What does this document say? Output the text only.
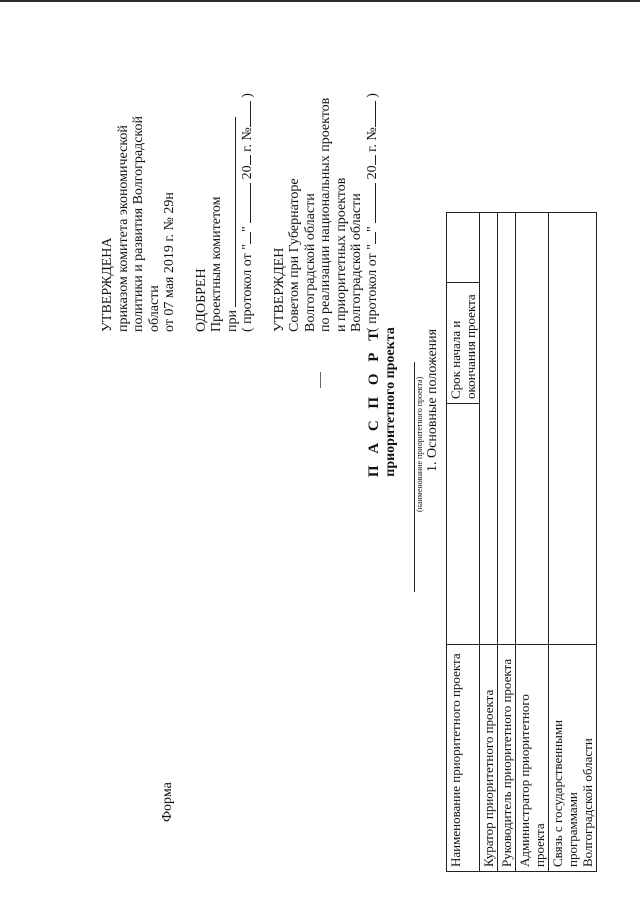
Форма
УТВЕРЖДЕНА приказом комитета экономической политики и развития Волгоградской области от 07 мая 2019 г. № 29н ОДОБРЕН Проектным комитетом при ( протокол от ""  20 г. № )
УТВЕРЖДЕН Советом при Губернаторе Волгоградской области по реализации национальных проектов и приоритетных проектов Волгоградской области ( протокол от ""  20 г. № )
П А С П О Р Т приоритетного проекта (наименование приоритетного проекта) 1. Основные положения
Наименование приоритетного проекта		Срок начала и окончания проекта	

Куратор приоритетного проекта			
Руководитель приоритетного проекта			
Администратор приоритетного проекта			

Связь с государственными программами Волгоградской области			
